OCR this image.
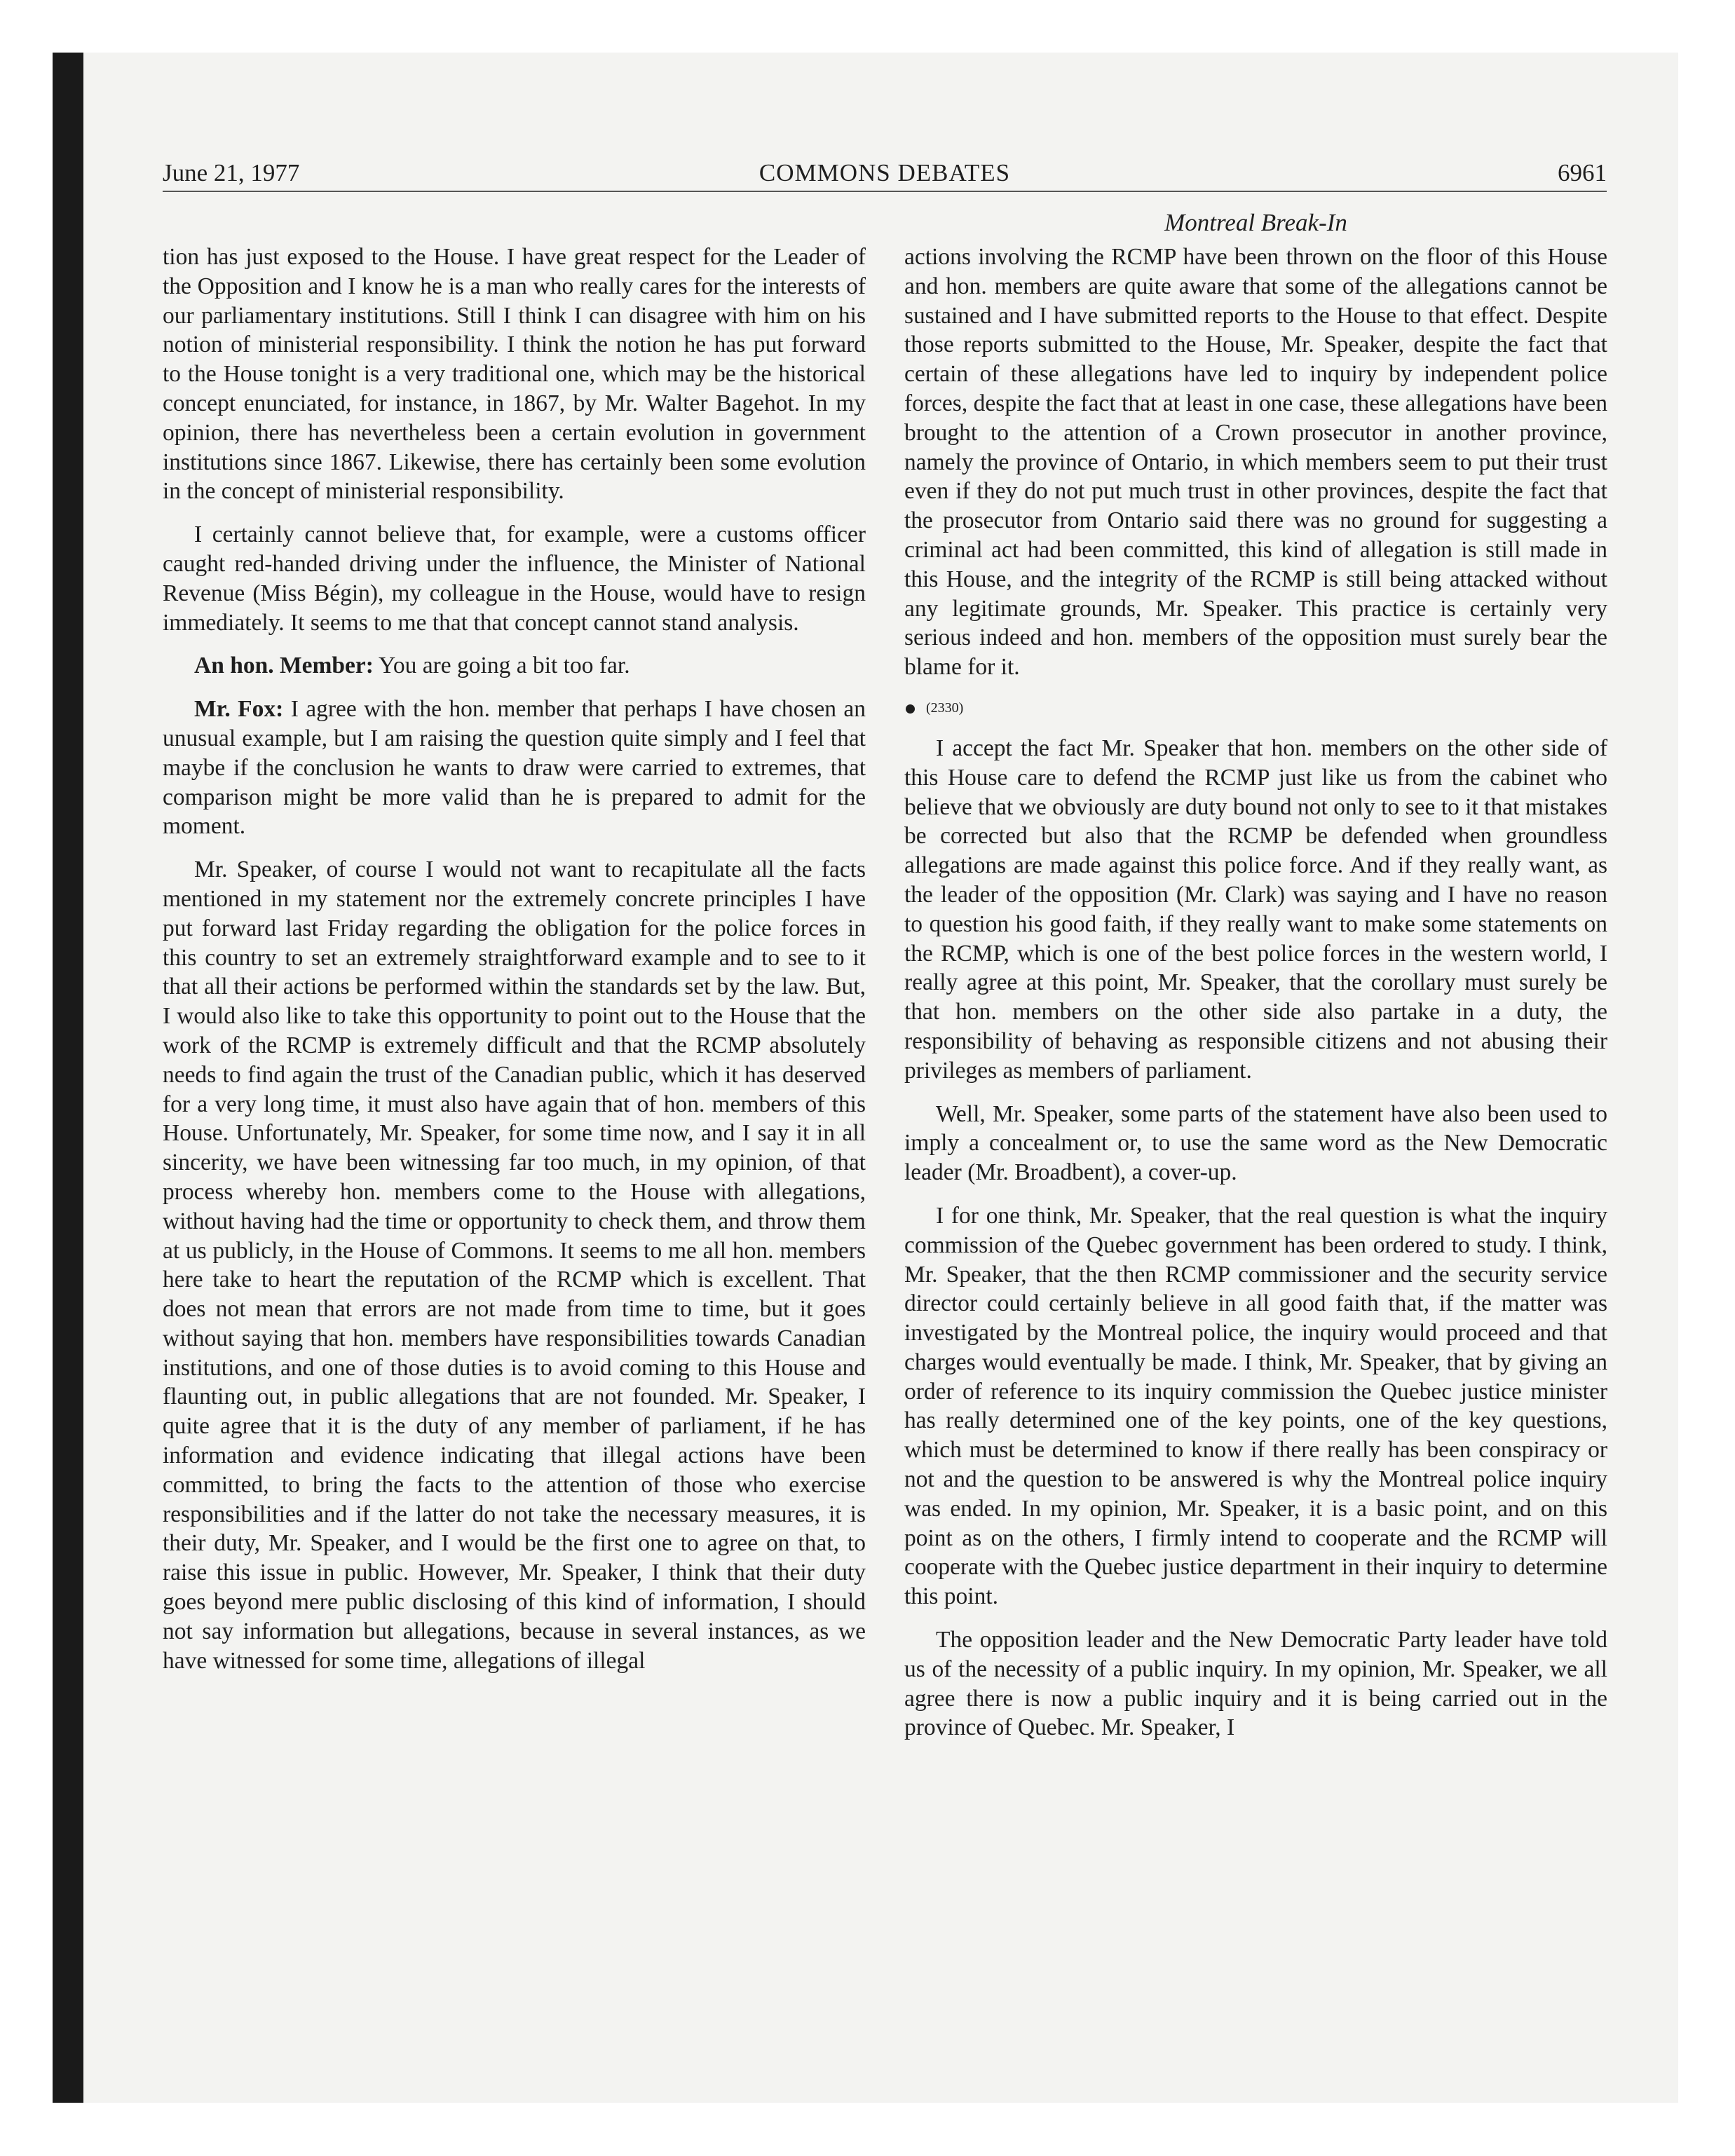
June 21, 1977	COMMONS DEBATES	6961
Montreal Break-In

tion has just exposed to the House. I have great respect for the Leader of the Opposition and I know he is a man who really cares for the interests of our parliamentary institutions. Still I think I can disagree with him on his notion of ministerial responsibility. I think the notion he has put forward to the House tonight is a very traditional one, which may be the historical concept enunciated, for instance, in 1867, by Mr. Walter Bagehot. In my opinion, there has nevertheless been a certain evolution in government institutions since 1867. Likewise, there has certainly been some evolution in the concept of ministerial responsibility.

I certainly cannot believe that, for example, were a customs officer caught red-handed driving under the influence, the Minister of National Revenue (Miss Bégin), my colleague in the House, would have to resign immediately. It seems to me that that concept cannot stand analysis.

An hon. Member: You are going a bit too far.

Mr. Fox: I agree with the hon. member that perhaps I have chosen an unusual example, but I am raising the question quite simply and I feel that maybe if the conclusion he wants to draw were carried to extremes, that comparison might be more valid than he is prepared to admit for the moment.

Mr. Speaker, of course I would not want to recapitulate all the facts mentioned in my statement nor the extremely concrete principles I have put forward last Friday regarding the obligation for the police forces in this country to set an extremely straightforward example and to see to it that all their actions be performed within the standards set by the law. But, I would also like to take this opportunity to point out to the House that the work of the RCMP is extremely difficult and that the RCMP absolutely needs to find again the trust of the Canadian public, which it has deserved for a very long time, it must also have again that of hon. members of this House. Unfortunately, Mr. Speaker, for some time now, and I say it in all sincerity, we have been witnessing far too much, in my opinion, of that process whereby hon. members come to the House with allegations, without having had the time or opportunity to check them, and throw them at us publicly, in the House of Commons. It seems to me all hon. members here take to heart the reputation of the RCMP which is excellent. That does not mean that errors are not made from time to time, but it goes without saying that hon. members have responsibilities towards Canadian institutions, and one of those duties is to avoid coming to this House and flaunting out, in public allegations that are not founded. Mr. Speaker, I quite agree that it is the duty of any member of parliament, if he has information and evidence indicating that illegal actions have been committed, to bring the facts to the attention of those who exercise responsibilities and if the latter do not take the necessary measures, it is their duty, Mr. Speaker, and I would be the first one to agree on that, to raise this issue in public. However, Mr. Speaker, I think that their duty goes beyond mere public disclosing of this kind of information, I should not say information but allegations, because in several instances, as we have witnessed for some time, allegations of illegal

actions involving the RCMP have been thrown on the floor of this House and hon. members are quite aware that some of the allegations cannot be sustained and I have submitted reports to the House to that effect. Despite those reports submitted to the House, Mr. Speaker, despite the fact that certain of these allegations have led to inquiry by independent police forces, despite the fact that at least in one case, these allegations have been brought to the attention of a Crown prosecutor in another province, namely the province of Ontario, in which members seem to put their trust even if they do not put much trust in other provinces, despite the fact that the prosecutor from Ontario said there was no ground for suggesting a criminal act had been committed, this kind of allegation is still made in this House, and the integrity of the RCMP is still being attacked without any legitimate grounds, Mr. Speaker. This practice is certainly very serious indeed and hon. members of the opposition must surely bear the blame for it.

(2330)

I accept the fact Mr. Speaker that hon. members on the other side of this House care to defend the RCMP just like us from the cabinet who believe that we obviously are duty bound not only to see to it that mistakes be corrected but also that the RCMP be defended when groundless allegations are made against this police force. And if they really want, as the leader of the opposition (Mr. Clark) was saying and I have no reason to question his good faith, if they really want to make some statements on the RCMP, which is one of the best police forces in the western world, I really agree at this point, Mr. Speaker, that the corollary must surely be that hon. members on the other side also partake in a duty, the responsibility of behaving as responsible citizens and not abusing their privileges as members of parliament.

Well, Mr. Speaker, some parts of the statement have also been used to imply a concealment or, to use the same word as the New Democratic leader (Mr. Broadbent), a cover-up.

I for one think, Mr. Speaker, that the real question is what the inquiry commission of the Quebec government has been ordered to study. I think, Mr. Speaker, that the then RCMP commissioner and the security service director could certainly believe in all good faith that, if the matter was investigated by the Montreal police, the inquiry would proceed and that charges would eventually be made. I think, Mr. Speaker, that by giving an order of reference to its inquiry commission the Quebec justice minister has really determined one of the key points, one of the key questions, which must be determined to know if there really has been conspiracy or not and the question to be answered is why the Montreal police inquiry was ended. In my opinion, Mr. Speaker, it is a basic point, and on this point as on the others, I firmly intend to cooperate and the RCMP will cooperate with the Quebec justice department in their inquiry to determine this point.

The opposition leader and the New Democratic Party leader have told us of the necessity of a public inquiry. In my opinion, Mr. Speaker, we all agree there is now a public inquiry and it is being carried out in the province of Quebec. Mr. Speaker, I
